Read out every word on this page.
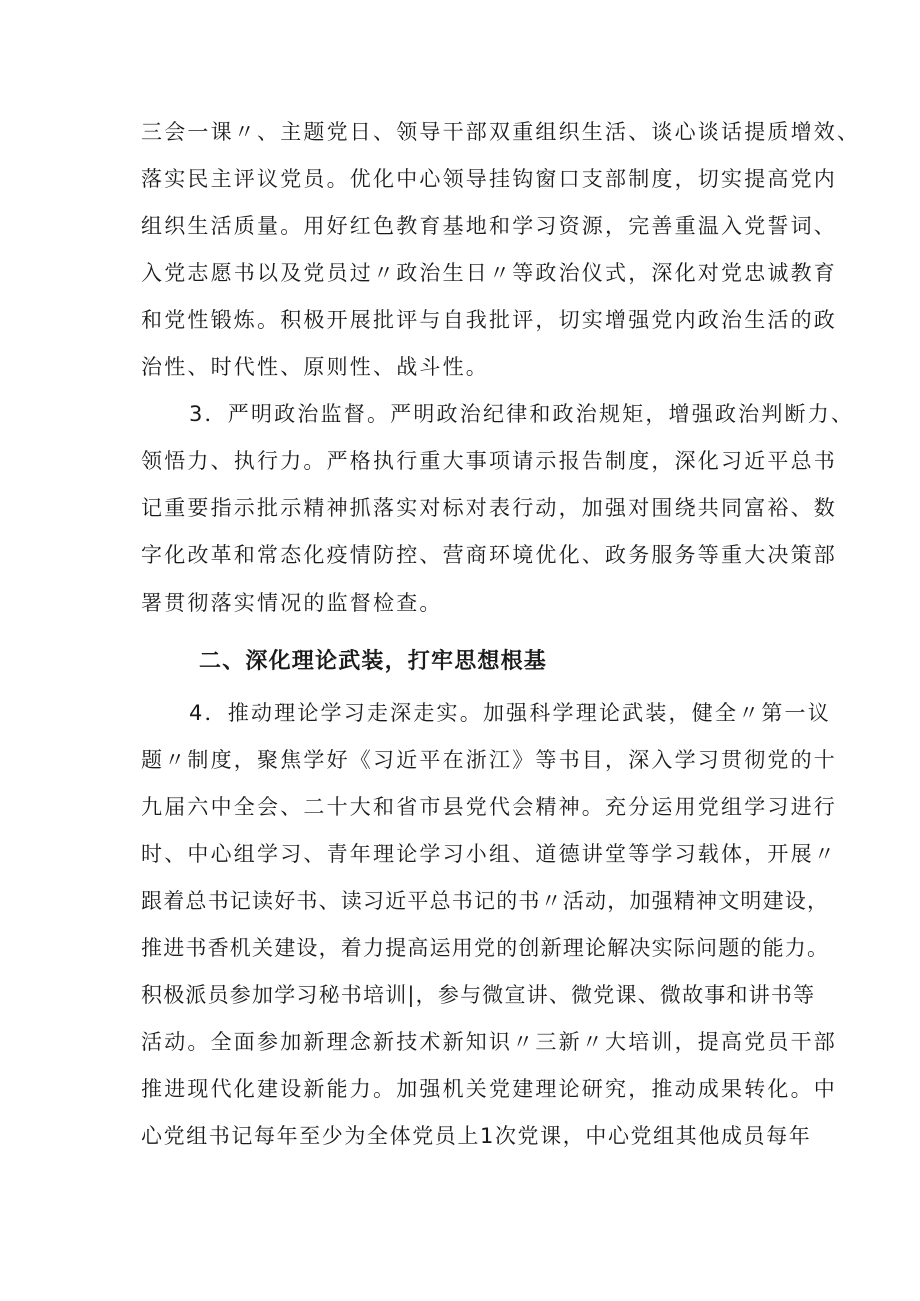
三会一课〃、主题党日、领导干部双重组织生活、谈心谈话提质增效、
落实民主评议党员。优化中心领导挂钩窗口支部制度，切实提高党内
组织生活质量。用好红色教育基地和学习资源，完善重温入党誓词、
入党志愿书以及党员过〃政治生日〃等政治仪式，深化对党忠诚教育
和党性锻炼。积极开展批评与自我批评，切实增强党内政治生活的政
治性、时代性、原则性、战斗性。
3．严明政治监督。严明政治纪律和政治规矩，增强政治判断力、
领悟力、执行力。严格执行重大事项请示报告制度，深化习近平总书
记重要指示批示精神抓落实对标对表行动，加强对围绕共同富裕、数
字化改革和常态化疫情防控、营商环境优化、政务服务等重大决策部
署贯彻落实情况的监督检查。
二、深化理论武装，打牢思想根基
4．推动理论学习走深走实。加强科学理论武装，健全〃第一议
题〃制度，聚焦学好《习近平在浙江》等书目，深入学习贯彻党的十
九届六中全会、二十大和省市县党代会精神。充分运用党组学习进行
时、中心组学习、青年理论学习小组、道德讲堂等学习载体，开展〃
跟着总书记读好书、读习近平总书记的书〃活动，加强精神文明建设，
推进书香机关建设，着力提高运用党的创新理论解决实际问题的能力。
积极派员参加学习秘书培训|，参与微宣讲、微党课、微故事和讲书等
活动。全面参加新理念新技术新知识〃三新〃大培训，提高党员干部
推进现代化建设新能力。加强机关党建理论研究，推动成果转化。中
心党组书记每年至少为全体党员上1次党课，中心党组其他成员每年
